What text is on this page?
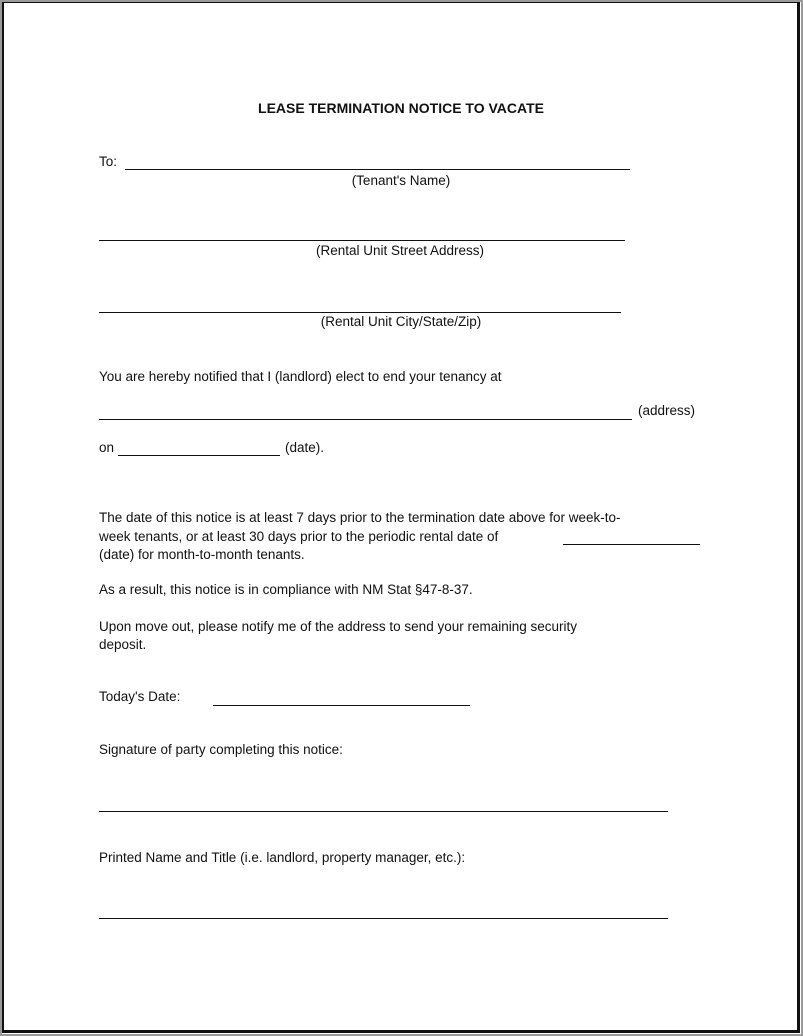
LEASE TERMINATION NOTICE TO VACATE
To:
(Tenant's Name)
(Rental Unit Street Address)
(Rental Unit City/State/Zip)
You are hereby notified that I (landlord) elect to end your tenancy at
(address)
on	(date).
The date of this notice is at least 7 days prior to the termination date above for week-to-
week tenants, or at least 30 days prior to the periodic rental date of
(date) for month-to-month tenants.
As a result, this notice is in compliance with NM Stat §47-8-37.
Upon move out, please notify me of the address to send your remaining security
deposit.
Today's Date:
Signature of party completing this notice:
Printed Name and Title (i.e. landlord, property manager, etc.):
